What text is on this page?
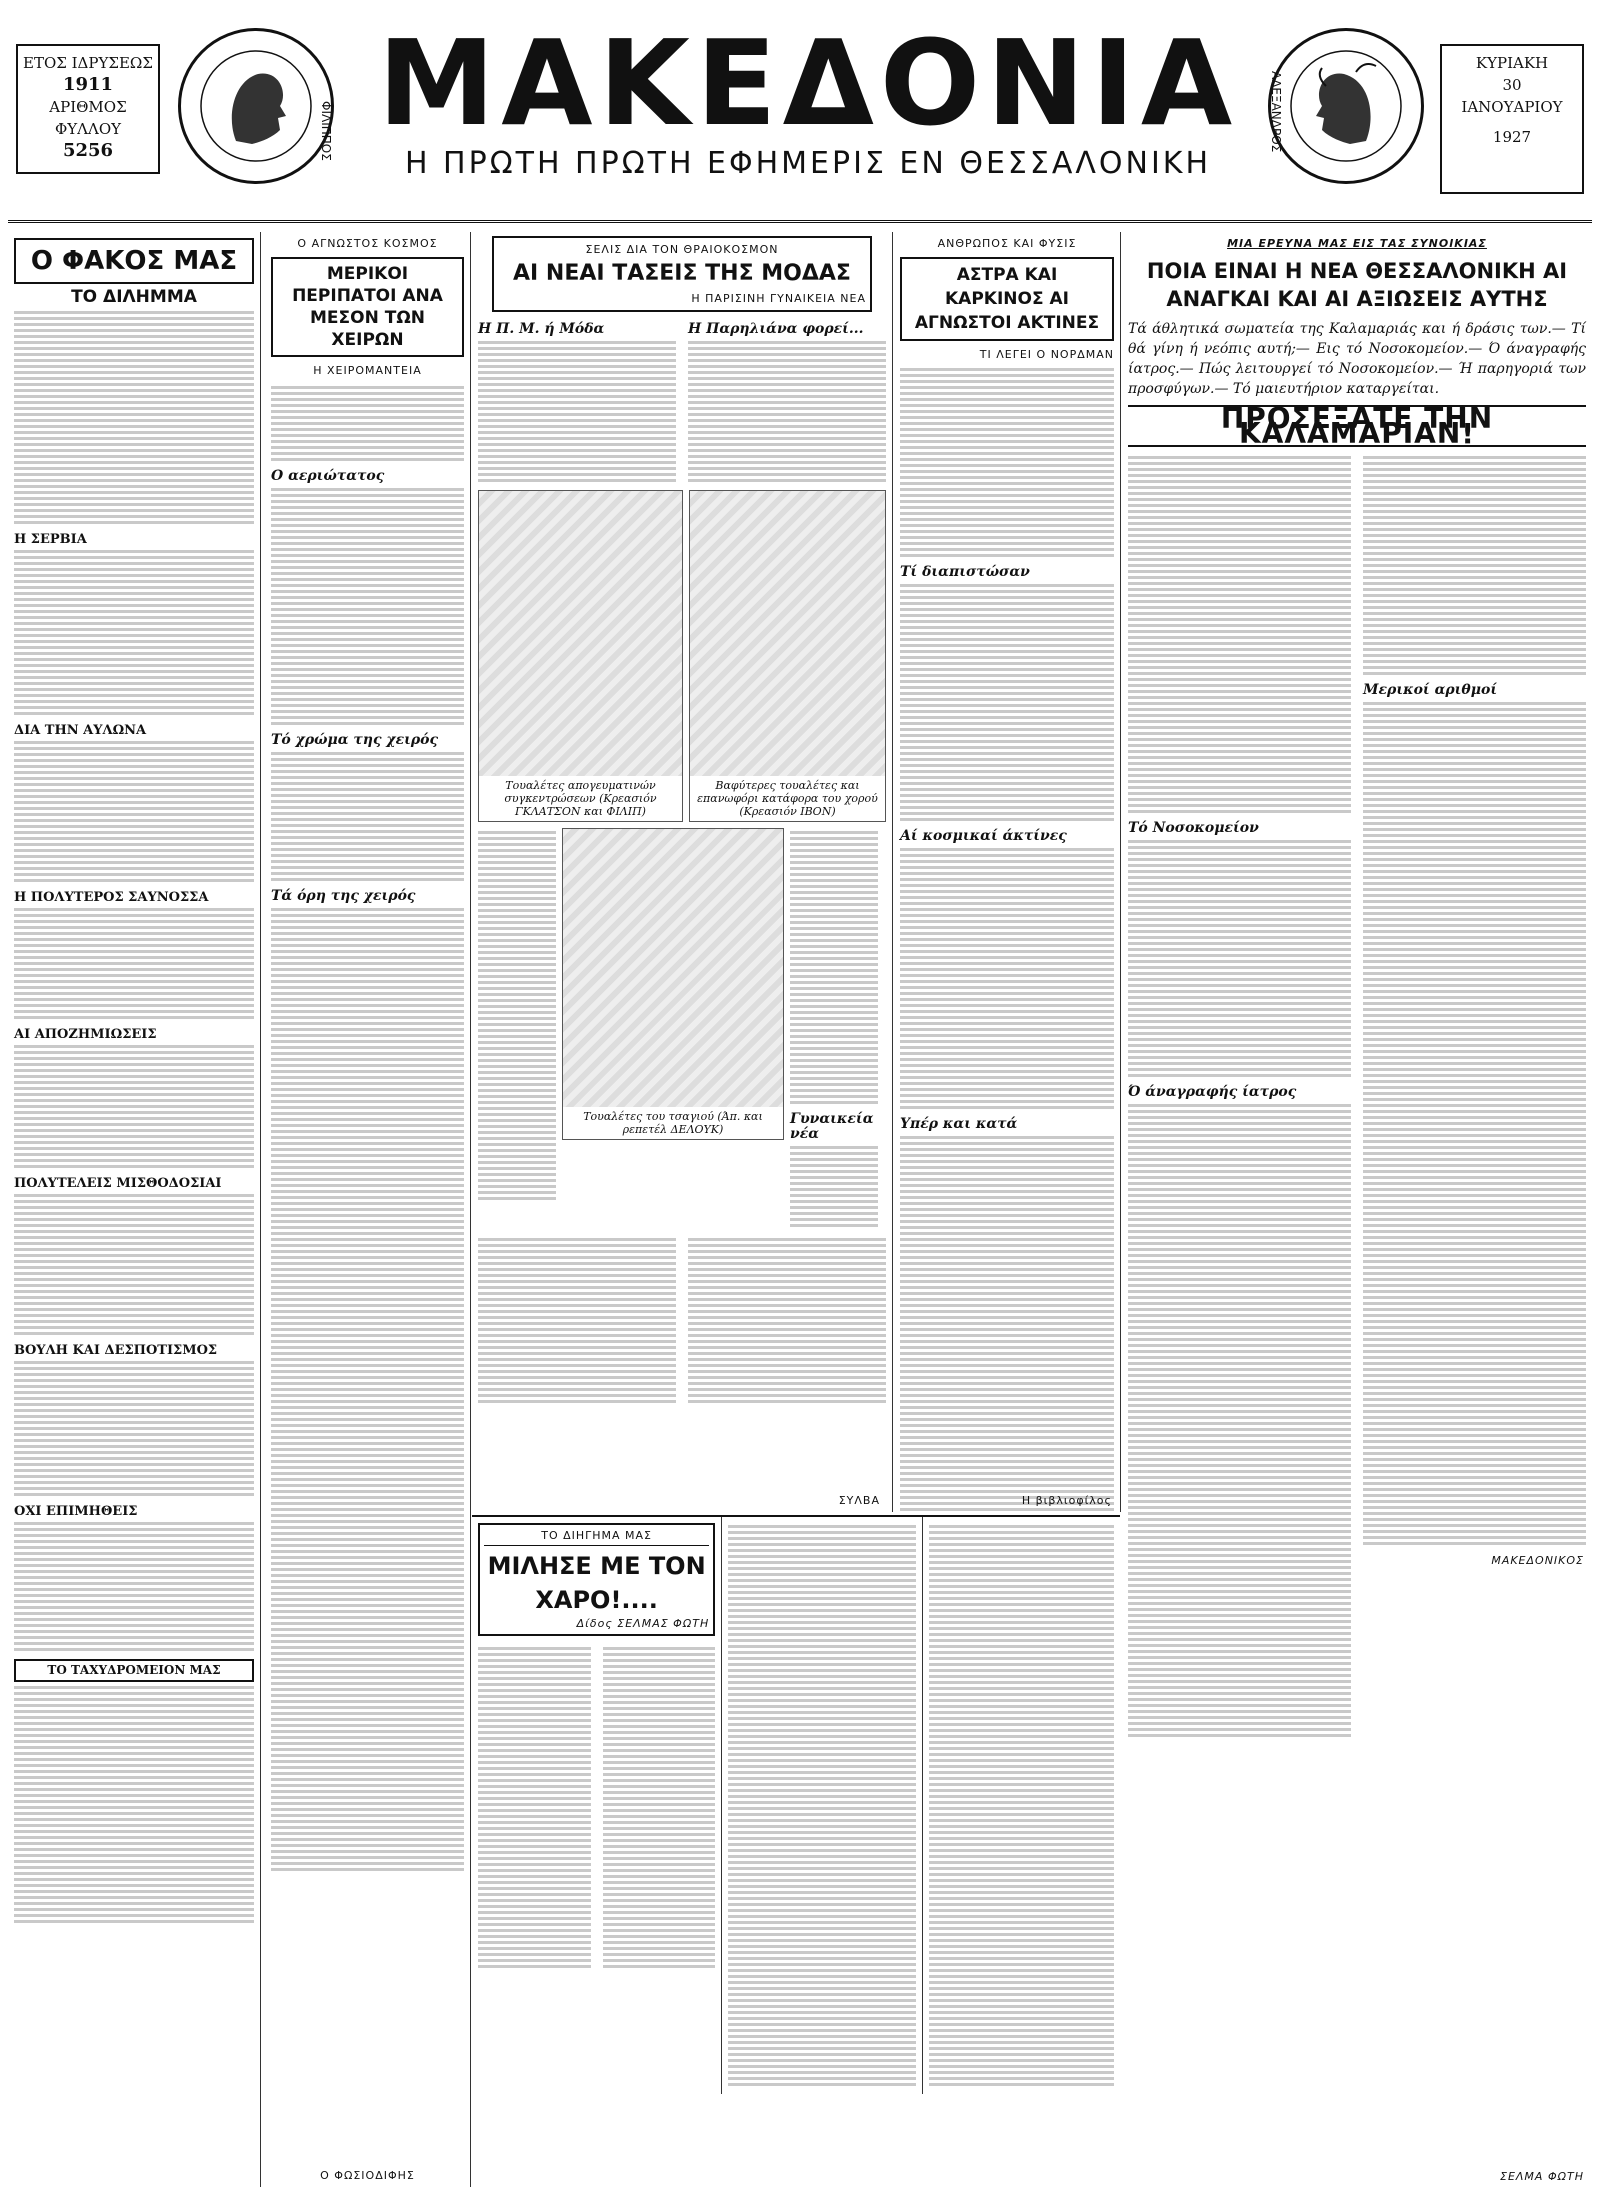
ΕΤΟΣ ΙΔΡΥΣΕΩΣ
1911
ΑΡΙΘΜΟΣ ΦΥΛΛΟΥ
5256	ΦΙΛΙΠΠΟΣ ΜΑΚΕΔΟΝΙΑ
Η ΠΡΩΤΗ ΠΡΩΤΗ ΕΦΗΜΕΡΙΣ ΕΝ ΘΕΣΣΑΛΟΝΙΚΗ
ΑΛΕΞΑΝΔΡΟΣ
ΚΥΡΙΑΚΗ
30
ΙΑΝΟΥΑΡΙΟΥ
1927
Ο ΦΑΚΟΣ ΜΑΣ
ΤΟ ΔΙΛΗΜΜΑ
Η ΣΕΡΒΙΑ
ΔΙΑ ΤΗΝ ΑΥΛΩΝΑ
Η ΠΟΛΥΤΕΡΟΣ ΣΑΥΝΟΣΣΑ
ΑΙ ΑΠΟΖΗΜΙΩΣΕΙΣ
ΠΟΛΥΤΕΛΕΙΣ ΜΙΣΘΟΔΟΣΙΑΙ
ΒΟΥΛΗ ΚΑΙ ΔΕΣΠΟΤΙΣΜΟΣ
ΟΧΙ ΕΠΙΜΗΘΕΙΣ
ΤΟ ΤΑΧΥΔΡΟΜΕΙΟΝ ΜΑΣ
Ο ΑΓΝΩΣΤΟΣ ΚΟΣΜΟΣ
ΜΕΡΙΚΟΙ ΠΕΡΙΠΑΤΟΙ ΑΝΑ ΜΕΣΟΝ ΤΩΝ ΧΕΙΡΩΝ
Η ΧΕΙΡΟΜΑΝΤΕΙΑ
Ο αεριώτατος
Τό χρώμα της χειρός
Τά όρη της χειρός
Ο ΦΩΣΙΟΔΙΦΗΣ
ΣΕΛΙΣ ΔΙΑ ΤΟΝ ΘΡΑΙΟΚΟΣΜΟΝ
ΑΙ ΝΕΑΙ ΤΑΣΕΙΣ ΤΗΣ ΜΟΔΑΣ
Η ΠΑΡΙΣΙΝΗ ΓΥΝΑΙΚΕΙΑ ΝΕΑ
Η Π. Μ. ή Μόδα	Η Παρηλιάνα φορεί...
Τουαλέτες απογευματινών συγκεντρώσεων (Κρεασιόν ΓΚΛΑΤΣΟΝ και ΦΙΛΙΠ)
Βαφύτερες τουαλέτες και επανωφόρι κατάφορα του χορού (Κρεασιόν ΙΒΟΝ)
Τουαλέτες του τσαγιού (Άπ. και ρεπετέλ ΔΕΛΟΥΚ)
Γυναικεία νέα
ΣΥΛΒΑ
ΑΝΘΡΩΠΟΣ ΚΑΙ ΦΥΣΙΣ
ΑΣΤΡΑ ΚΑΙ ΚΑΡΚΙΝΟΣ ΑΙ ΑΓΝΩΣΤΟΙ ΑΚΤΙΝΕΣ
ΤΙ ΛΕΓΕΙ Ο ΝΟΡΔΜΑΝ
Τί διαπιστώσαν
Αί κοσμικαί άκτίνες
Υπέρ και κατά
Η βιβλιοφίλος
ΜΙΑ ΕΡΕΥΝΑ ΜΑΣ ΕΙΣ ΤΑΣ ΣΥΝΟΙΚΙΑΣ
ΠΟΙΑ ΕΙΝΑΙ Η ΝΕΑ ΘΕΣΣΑΛΟΝΙΚΗ ΑΙ ΑΝΑΓΚΑΙ ΚΑΙ ΑΙ ΑΞΙΩΣΕΙΣ ΑΥΤΗΣ

Τά άθλητικά σωματεία της Καλαμαριάς και ή δράσις των.— Τί θά γίνη ή νεόπις αυτή;— Εις τό Νοσοκομείον.— Ό άναγραφής ίατρος.— Πώς λειτουργεί τό Νοσοκομείον.— Ή παρηγοριά των προσφύγων.— Τό μαιευτήριον καταργείται.

ΠΡΟΣΕΞΑΤΕ ΤΗΝ ΚΑΛΑΜΑΡΙΑΝ!
Τό Νοσοκομείον
Ό άναγραφής ίατρος
Μερικοί αριθμοί
ΜΑΚΕΔΟΝΙΚΟΣ
ΤΟ ΔΙΗΓΗΜΑ ΜΑΣ
ΜΙΛΗΣΕ ΜΕ ΤΟΝ ΧΑΡΟ!....
Δίδος ΣΕΛΜΑΣ ΦΩΤΗ
ΣΕΛΜΑ ΦΩΤΗ
